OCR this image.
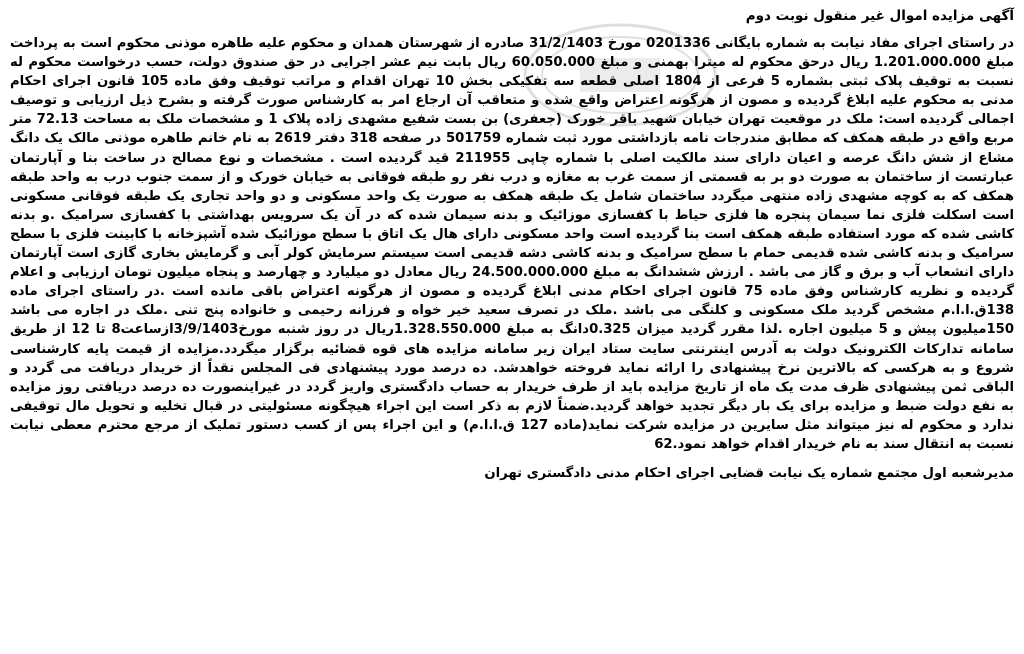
آگهی مزایده اموال غیر منقول نوبت دوم

در راستای اجرای مفاد نیابت به شماره بایگانی 0201336 مورخ 31/2/1403 صادره از شهرستان همدان و محکوم علیه طاهره موذنی محکوم است به پرداخت مبلغ 1.201.000.000 ریال درحق محکوم له میترا بهمنی و مبلغ 60.050.000 ریال بابت نیم عشر اجرایی در حق صندوق دولت، حسب درخواست محکوم له نسبت به توقیف پلاک ثبتی بشماره 5 فرعی از 1804 اصلی قطعه سه تفکیکی بخش 10 تهران اقدام و مراتب توقیف وفق ماده 105 قانون اجرای احکام مدنی به محکوم علیه ابلاغ گردیده و مصون از هرگونه اعتراض واقع شده و متعاقب آن ارجاع امر به کارشناس صورت گرفته و بشرح ذیل ارزیابی و توصیف اجمالی گردیده است: ملک در موقعیت تهران خیابان شهید باقر خورک (جعفری) بن بست شفیع مشهدی زاده پلاک 1 و مشخصات ملک به مساحت 72.13 متر مربع واقع در طبقه همکف که مطابق مندرجات نامه بازداشتی مورد ثبت شماره 501759 در صفحه 318 دفتر 2619 به نام خانم طاهره موذنی مالک یک دانگ مشاع از شش دانگ عرصه و اعیان دارای سند مالکیت اصلی با شماره چاپی 211955 قید گردیده است . مشخصات و نوع مصالح در ساخت بنا و آپارتمان عبارتست از ساختمان به صورت دو بر به قسمتی از سمت غرب به مغازه و درب نفر رو طبقه فوقانی به خیابان خورک و از سمت جنوب درب به واحد طبقه همکف که به کوچه مشهدی زاده منتهی میگردد ساختمان شامل یک طبقه همکف به صورت یک واحد مسکونی و دو واحد تجاری یک طبقه فوقانی مسکونی است اسکلت فلزی نما سیمان پنجره ها فلزی حیاط با کفسازی موزائیک و بدنه سیمان شده که در آن یک سرویس بهداشتی با کفسازی سرامیک .و بدنه کاشی شده که مورد استفاده طبقه همکف است بنا گردیده است واحد مسکونی دارای هال یک اتاق با سطح موزائیک شده آشپزخانه با کابینت فلزی با سطح سرامیک و بدنه کاشی شده قدیمی حمام با سطح سرامیک و بدنه کاشی دشه قدیمی است سیستم سرمایش کولر آبی و گرمایش بخاری گازی است آپارتمان دارای انشعاب آب و برق و گاز می باشد . ارزش ششدانگ به مبلغ 24.500.000.000 ریال معادل دو میلیارد و چهارصد و پنجاه میلیون تومان ارزیابی و اعلام گردیده و نظریه کارشناس وفق ماده 75 قانون اجرای احکام مدنی ابلاغ گردیده و مصون از هرگونه اعتراض باقی مانده است .در راستای اجرای ماده 138ق.ا.ا.م مشخص گردید ملک مسکونی و کلنگی می باشد .ملک در تصرف سعید خیر خواه و فرزانه رحیمی و خانواده پنج تنی .ملک در اجاره می باشد 150میلیون پیش و 5 میلیون اجاره .لذا مقرر گردید میزان 0.325دانگ به مبلغ 1.328.550.000ریال در روز شنبه مورخ3/9/1403ازساعت8 تا 12 از طریق سامانه تدارکات الکترونیک دولت به آدرس اینترنتی سایت ستاد ایران زیر سامانه مزایده های قوه قضائیه برگزار میگردد.مزایده از قیمت پایه کارشناسی شروع و به هرکسی که بالاترین نرخ پیشنهادی را ارائه نماید فروخته خواهدشد. ده درصد مورد پیشنهادی فی المجلس نقداً از خریدار دریافت می گردد و الباقی ثمن پیشنهادی ظرف مدت یک ماه از تاریخ مزایده باید از طرف خریدار به حساب دادگستری واریز گردد در غیراینصورت ده درصد دریافتی روز مزایده به نفع دولت ضبط و مزایده برای یک بار دیگر تجدید خواهد گردید.ضمناً لازم به ذکر است این اجراء هیچگونه مسئولیتی در قبال تخلیه و تحویل مال توقیفی ندارد و محکوم له نیز میتواند مثل سایرین در مزایده شرکت نماید(ماده 127 ق.ا.ا.م) و این اجراء پس از کسب دستور تملیک از مرجع محترم معطی نیابت نسبت به انتقال سند به نام خریدار اقدام خواهد نمود.62

مدیرشعبه اول مجتمع شماره یک نیابت قضایی اجرای احکام مدنی دادگستری تهران
